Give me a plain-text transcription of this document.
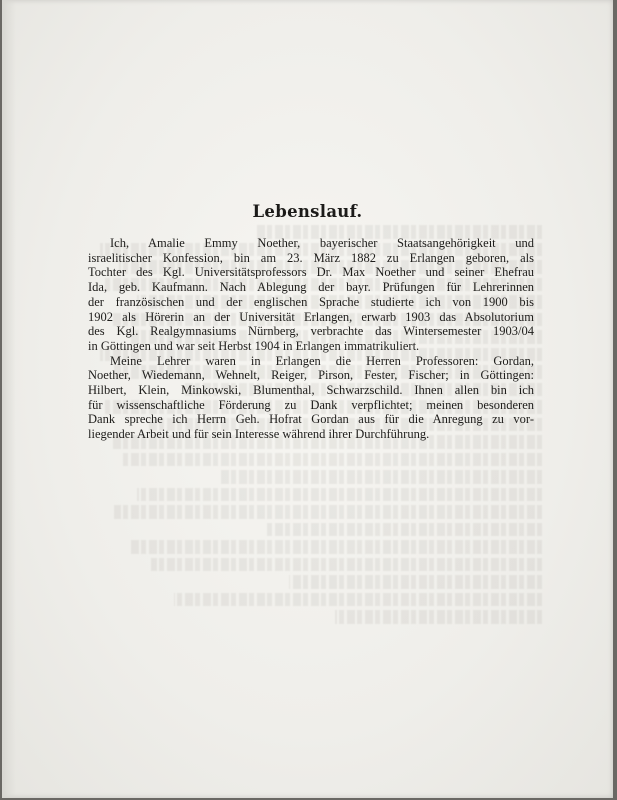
Lebenslauf.

Ich, Amalie Emmy Noether, bayerischer Staatsangehörigkeit und
israelitischer Konfession, bin am 23. März 1882 zu Erlangen geboren, als
Tochter des Kgl. Universitätsprofessors Dr. Max Noether und seiner Ehefrau
Ida, geb. Kaufmann. Nach Ablegung der bayr. Prüfungen für Lehrerinnen
der französischen und der englischen Sprache studierte ich von 1900 bis
1902 als Hörerin an der Universität Erlangen, erwarb 1903 das Absolutorium
des Kgl. Realgymnasiums Nürnberg, verbrachte das Wintersemester 1903/04
in Göttingen und war seit Herbst 1904 in Erlangen immatrikuliert.

Meine Lehrer waren in Erlangen die Herren Professoren: Gordan,
Noether, Wiedemann, Wehnelt, Reiger, Pirson, Fester, Fischer; in Göttingen:
Hilbert, Klein, Minkowski, Blumenthal, Schwarzschild. Ihnen allen bin ich
für wissenschaftliche Förderung zu Dank verpflichtet; meinen besonderen
Dank spreche ich Herrn Geh. Hofrat Gordan aus für die Anregung zu vor-
liegender Arbeit und für sein Interesse während ihrer Durchführung.
